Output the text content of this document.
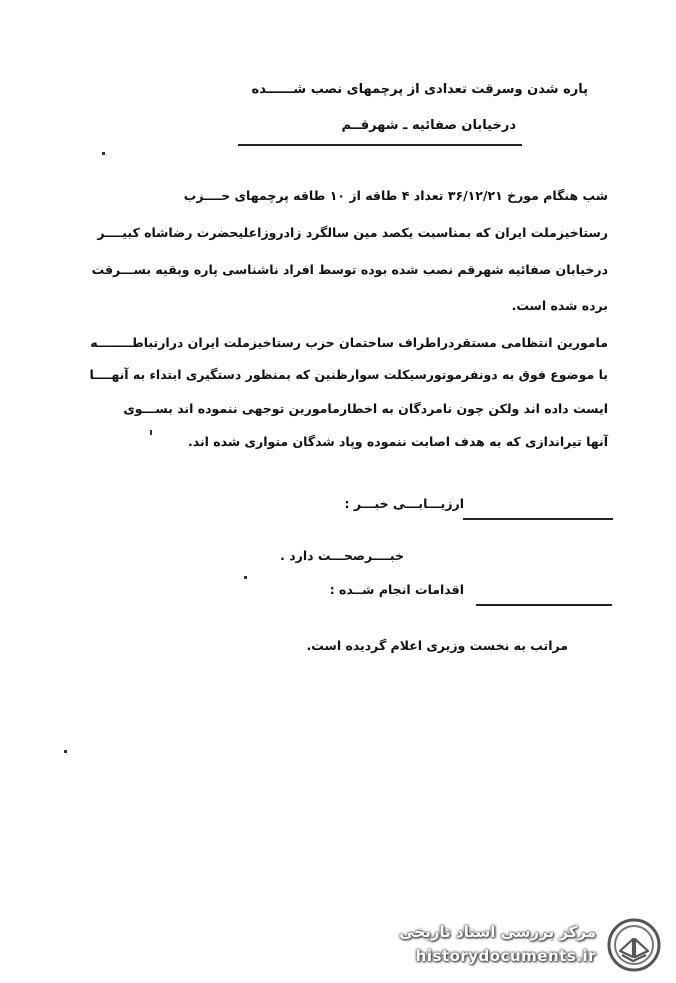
پاره شدن وسرقت تعدادی از پرچمهای نصب شــــــده
درخیابان صفائیه ـ شهرقــم
شب هنگام مورخ ۳۶/۱۲/۲۱ تعداد ۴ طاقه از ۱۰ طاقه پرچمهای حــــزب
رستاخیزملت ایران که بمناسبت یکصد مین سالگرد زادروزاعلیحضرت رضاشاه کبیــــر
درخیابان صفائیه شهرقم نصب شده بوده توسط افراد ناشناسی پاره وبقیه بســـرقت
برده شده است.
مامورین انتظامی مستقردراطراف ساختمان حزب رستاخیزملت ایران درارتباطــــــــه
با موضوع فوق به دونفرموتورسیکلت سوارظنین که بمنظور دستگیری ابتداء به آنهــــا
ایست داده اند ولکن چون نامردگان به اخطارمامورین توجهی ننموده اند بســـوی
آنها تیراندازی که به هدف اصابت ننموده وپاد شدگان متواری شده اند.
ارزیـــابـــی خبـــر :
خبــــرصحـــت دارد .
اقدامات انجام شــده :
مراتب به نخست وزیری اعلام گردیده است.
مرکز بررسی اسناد تاریخی
historydocuments.ir
